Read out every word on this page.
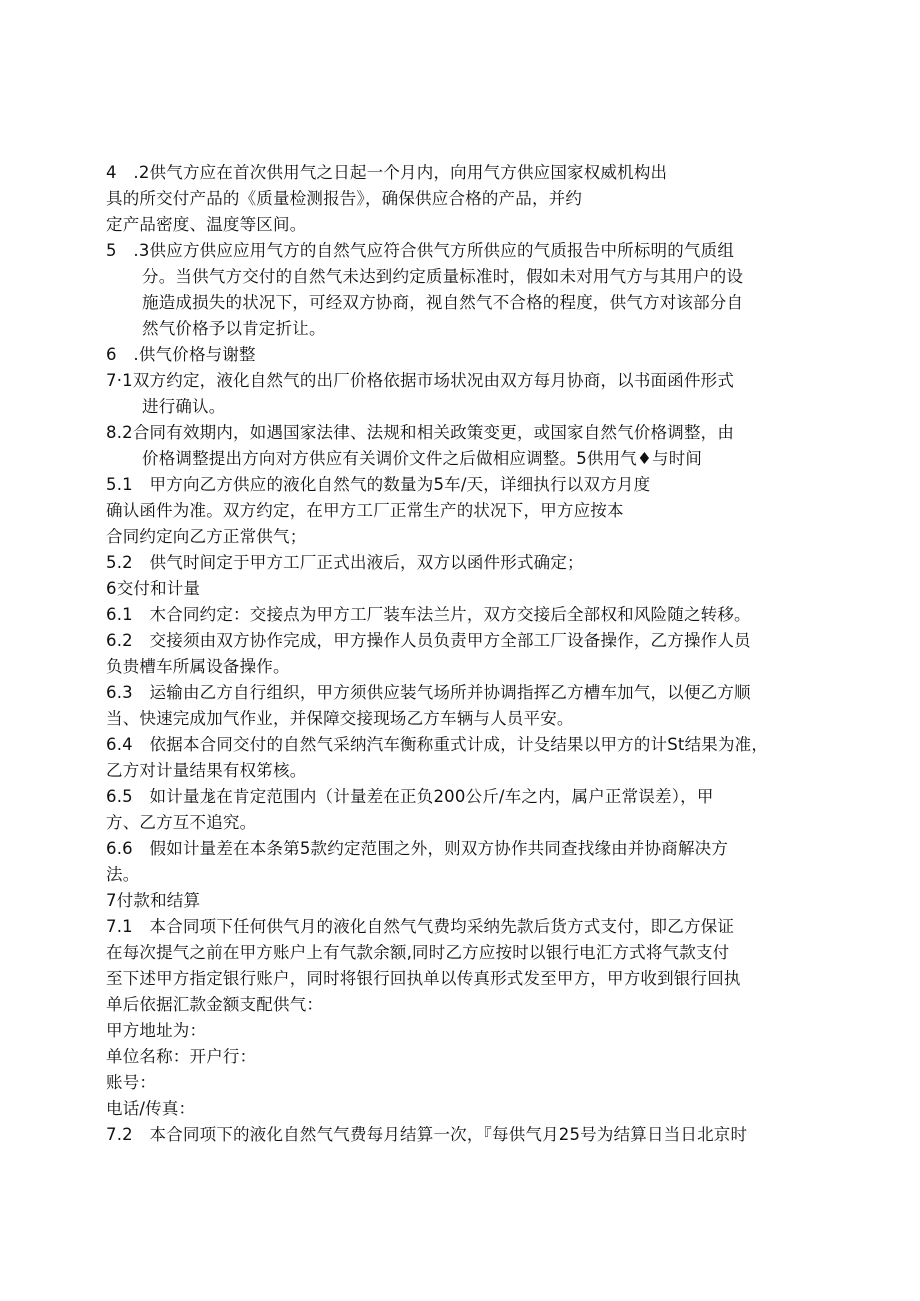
4　.2供气方应在首次供用气之日起一个月内，向用气方供应国家权威机构出
具的所交付产品的《质量检测报告》，确保供应合格的产品，并约
定产品密度、温度等区间。
5　.3供应方供应应用气方的自然气应符合供气方所供应的气质报告中所标明的气质组
分。当供气方交付的自然气未达到约定质量标准时，假如未对用气方与其用户的设
施造成损失的状况下，可经双方协商，视自然气不合格的程度，供气方对该部分自
然气价格予以肯定折让。
6　.供气价格与谢整
7·1双方约定，液化自然气的出厂价格依据市场状况由双方每月协商，以书面函件形式
进行确认。
8.2合同有效期内，如遇国家法律、法规和相关政策变更，或国家自然气价格调整，由
价格调整提出方向对方供应有关调价文件之后做相应调整。5供用气♦与时间
5.1　甲方向乙方供应的液化自然气的数量为5车/天，详细执行以双方月度
确认函件为准。双方约定，在甲方工厂正常生产的状况下，甲方应按本
合同约定向乙方正常供气；
5.2　供气时间定于甲方工厂正式出液后，双方以函件形式确定；
6交付和计量
6.1　木合同约定：交接点为甲方工厂装车法兰片，双方交接后全部权和风险随之转移。
6.2　交接须由双方协作完成，甲方操作人员负责甲方全部工厂设备操作，乙方操作人员
负贵槽车所属设备操作。
6.3　运输由乙方自行组织，甲方须供应装气场所并协调指挥乙方槽车加气，以便乙方顺
当、快速完成加气作业，并保障交接现场乙方车辆与人员平安。
6.4　依据本合同交付的自然气采纳汽车衡称重式计成，计殳结果以甲方的计St结果为准，
乙方对计量结果有权笫核。
6.5　如计量尨在肯定范围内（计量差在正负200公斤/车之内，属户正常误差），甲
方、乙方互不追究。
6.6　假如计量差在本条第5款约定范围之外，则双方协作共同查找缘由并协商解决方
法。
7付款和结算
7.1　本合同项下任何供气月的液化自然气气费均采纳先款后货方式支付，即乙方保证
在每次提气之前在甲方账户上有气款余额,同时乙方应按时以银行电汇方式将气款支付
至下述甲方指定银行账户，同时将银行回执单以传真形式发至甲方，甲方收到银行回执
单后依据汇款金额支配供气：
甲方地址为：
单位名称：开户行：
账号：
电话/传真：
7.2　本合同项下的液化自然气气费每月结算一次，『每供气月25号为结算日当日北京时
